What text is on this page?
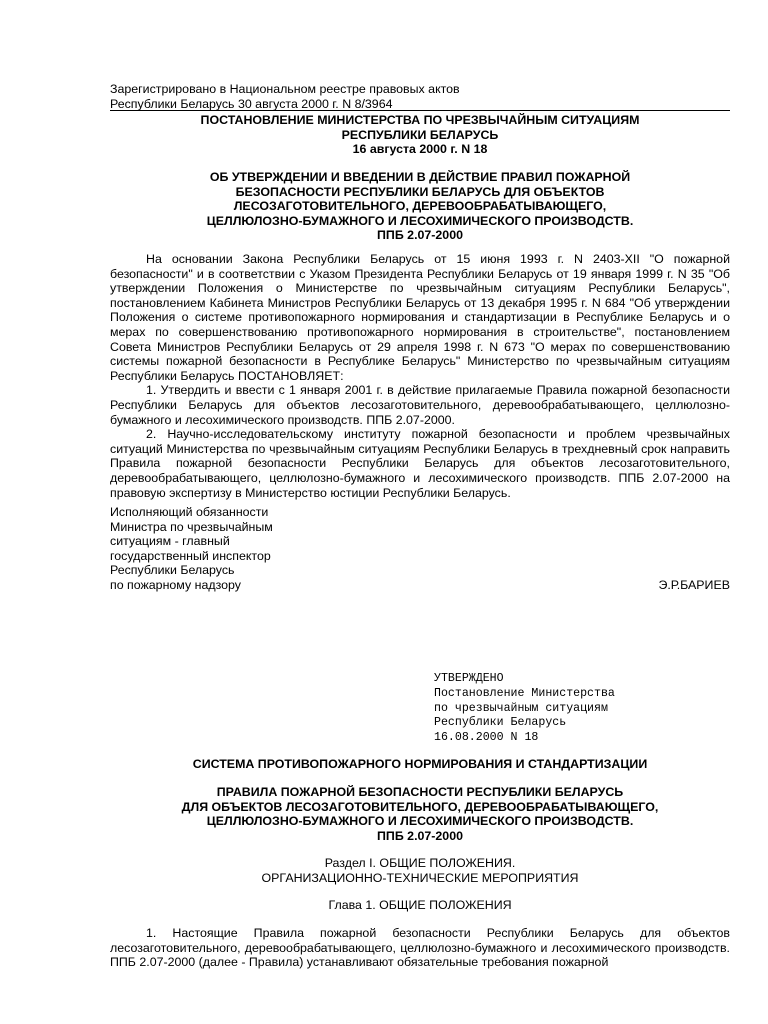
Зарегистрировано в Национальном реестре правовых актов
Республики Беларусь 30 августа 2000 г. N 8/3964
ПОСТАНОВЛЕНИЕ МИНИСТЕРСТВА ПО ЧРЕЗВЫЧАЙНЫМ СИТУАЦИЯМ
РЕСПУБЛИКИ БЕЛАРУСЬ
16 августа 2000 г. N 18
ОБ УТВЕРЖДЕНИИ И ВВЕДЕНИИ В ДЕЙСТВИЕ ПРАВИЛ ПОЖАРНОЙ
БЕЗОПАСНОСТИ РЕСПУБЛИКИ БЕЛАРУСЬ ДЛЯ ОБЪЕКТОВ
ЛЕСОЗАГОТОВИТЕЛЬНОГО, ДЕРЕВООБРАБАТЫВАЮЩЕГО,
ЦЕЛЛЮЛОЗНО-БУМАЖНОГО И ЛЕСОХИМИЧЕСКОГО ПРОИЗВОДСТВ.
ППБ 2.07-2000

На основании Закона Республики Беларусь от 15 июня 1993 г. N 2403-XII "О пожарной безопасности" и в соответствии с Указом Президента Республики Беларусь от 19 января 1999 г. N 35 "Об утверждении Положения о Министерстве по чрезвычайным ситуациям Республики Беларусь", постановлением Кабинета Министров Республики Беларусь от 13 декабря 1995 г. N 684 "Об утверждении Положения о системе противопожарного нормирования и стандартизации в Республике Беларусь и о мерах по совершенствованию противопожарного нормирования в строительстве", постановлением Совета Министров Республики Беларусь от 29 апреля 1998 г. N 673 "О мерах по совершенствованию системы пожарной безопасности в Республике Беларусь" Министерство по чрезвычайным ситуациям Республики Беларусь ПОСТАНОВЛЯЕТ:

1. Утвердить и ввести с 1 января 2001 г. в действие прилагаемые Правила пожарной безопасности Республики Беларусь для объектов лесозаготовительного, деревообрабатывающего, целлюлозно-бумажного и лесохимического производств. ППБ 2.07-2000.

2. Научно-исследовательскому институту пожарной безопасности и проблем чрезвычайных ситуаций Министерства по чрезвычайным ситуациям Республики Беларусь в трехдневный срок направить Правила пожарной безопасности Республики Беларусь для объектов лесозаготовительного, деревообрабатывающего, целлюлозно-бумажного и лесохимического производств. ППБ 2.07-2000 на правовую экспертизу в Министерство юстиции Республики Беларусь.

Исполняющий обязанности
Министра по чрезвычайным
ситуациям - главный
государственный инспектор
Республики Беларусь
по пожарному надзору	Э.Р.БАРИЕВ
УТВЕРЖДЕНО
Постановление Министерства
по чрезвычайным ситуациям
Республики Беларусь
16.08.2000 N 18
СИСТЕМА ПРОТИВОПОЖАРНОГО НОРМИРОВАНИЯ И СТАНДАРТИЗАЦИИ
ПРАВИЛА ПОЖАРНОЙ БЕЗОПАСНОСТИ РЕСПУБЛИКИ БЕЛАРУСЬ
ДЛЯ ОБЪЕКТОВ ЛЕСОЗАГОТОВИТЕЛЬНОГО, ДЕРЕВООБРАБАТЫВАЮЩЕГО,
ЦЕЛЛЮЛОЗНО-БУМАЖНОГО И ЛЕСОХИМИЧЕСКОГО ПРОИЗВОДСТВ.
ППБ 2.07-2000
Раздел I. ОБЩИЕ ПОЛОЖЕНИЯ.
ОРГАНИЗАЦИОННО-ТЕХНИЧЕСКИЕ МЕРОПРИЯТИЯ
Глава 1. ОБЩИЕ ПОЛОЖЕНИЯ

1. Настоящие Правила пожарной безопасности Республики Беларусь для объектов лесозаготовительного, деревообрабатывающего, целлюлозно-бумажного и лесохимического производств. ППБ 2.07-2000 (далее - Правила) устанавливают обязательные требования пожарной
